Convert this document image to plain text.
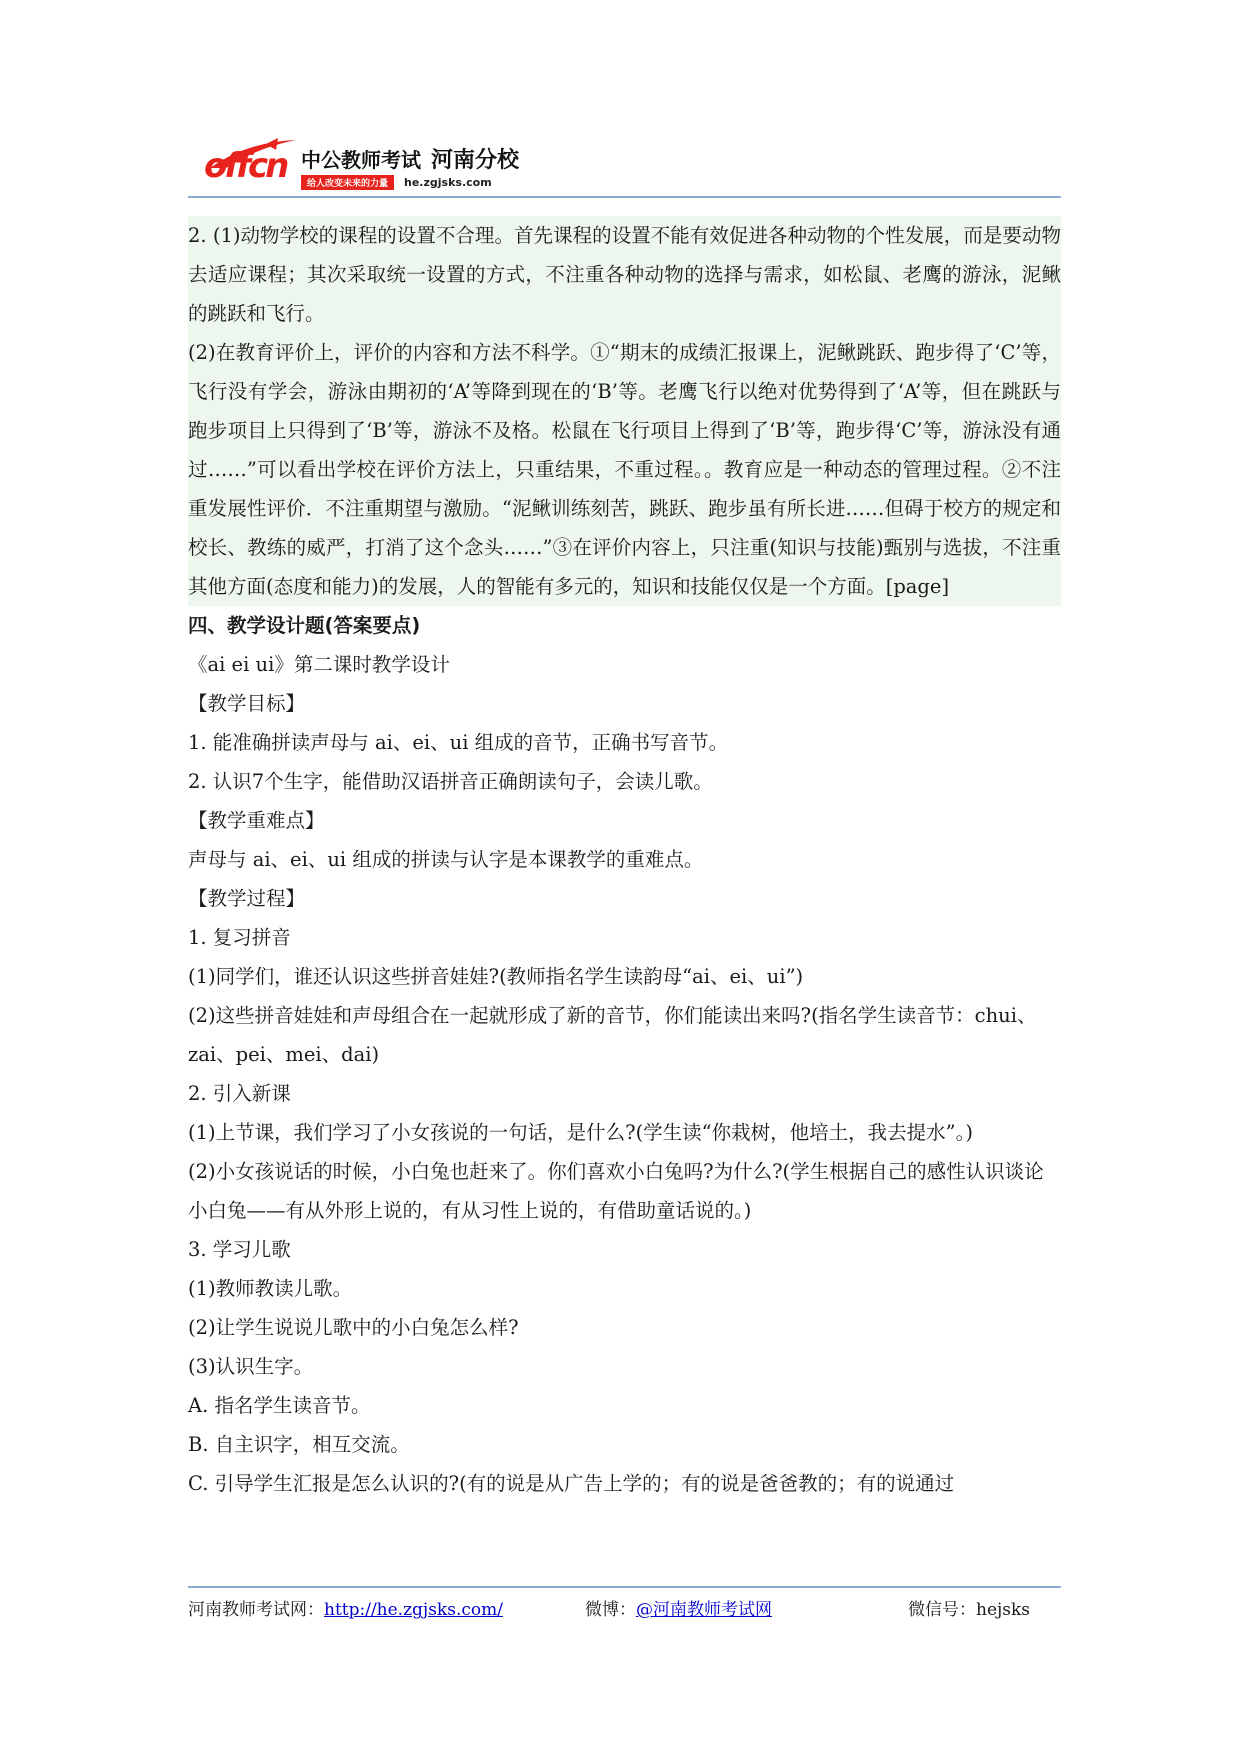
offcn 中公教师考试 河南分校
给人改变未来的力量	he.zgjsks.com

2. (1)动物学校的课程的设置不合理。首先课程的设置不能有效促进各种动物的个性发展，而是要动物去适应课程；其次采取统一设置的方式，不注重各种动物的选择与需求，如松鼠、老鹰的游泳，泥鳅的跳跃和飞行。

(2)在教育评价上，评价的内容和方法不科学。①“期末的成绩汇报课上，泥鳅跳跃、跑步得了‘C’等，飞行没有学会，游泳由期初的‘A’等降到现在的‘B’等。老鹰飞行以绝对优势得到了‘A’等，但在跳跃与跑步项目上只得到了‘B’等，游泳不及格。松鼠在飞行项目上得到了‘B’等，跑步得‘C’等，游泳没有通过……”可以看出学校在评价方法上，只重结果，不重过程。。教育应是一种动态的管理过程。②不注重发展性评价．不注重期望与激励。“泥鳅训练刻苦，跳跃、跑步虽有所长进……但碍于校方的规定和校长、教练的威严，打消了这个念头……”③在评价内容上，只注重(知识与技能)甄别与选拔，不注重其他方面(态度和能力)的发展，人的智能有多元的，知识和技能仅仅是一个方面。[page]

四、教学设计题(答案要点)

《ai ei ui》第二课时教学设计

【教学目标】

1. 能准确拼读声母与 ai、ei、ui 组成的音节，正确书写音节。

2. 认识7个生字，能借助汉语拼音正确朗读句子，会读儿歌。

【教学重难点】

声母与 ai、ei、ui 组成的拼读与认字是本课教学的重难点。

【教学过程】

1. 复习拼音

(1)同学们，谁还认识这些拼音娃娃?(教师指名学生读韵母“ai、ei、ui”)

(2)这些拼音娃娃和声母组合在一起就形成了新的音节，你们能读出来吗?(指名学生读音节：chui、 zai、pei、mei、dai)

2. 引入新课

(1)上节课，我们学习了小女孩说的一句话，是什么?(学生读“你栽树，他培土，我去提水”。)

(2)小女孩说话的时候，小白兔也赶来了。你们喜欢小白兔吗?为什么?(学生根据自己的感性认识谈论小白兔——有从外形上说的，有从习性上说的，有借助童话说的。)

3. 学习儿歌

(1)教师教读儿歌。

(2)让学生说说儿歌中的小白兔怎么样?

(3)认识生字。

A. 指名学生读音节。

B. 自主识字，相互交流。

C. 引导学生汇报是怎么认识的?(有的说是从广告上学的；有的说是爸爸教的；有的说通过

河南教师考试网：http://he.zgjsks.com/	微博：@河南教师考试网	微信号：hejsks
